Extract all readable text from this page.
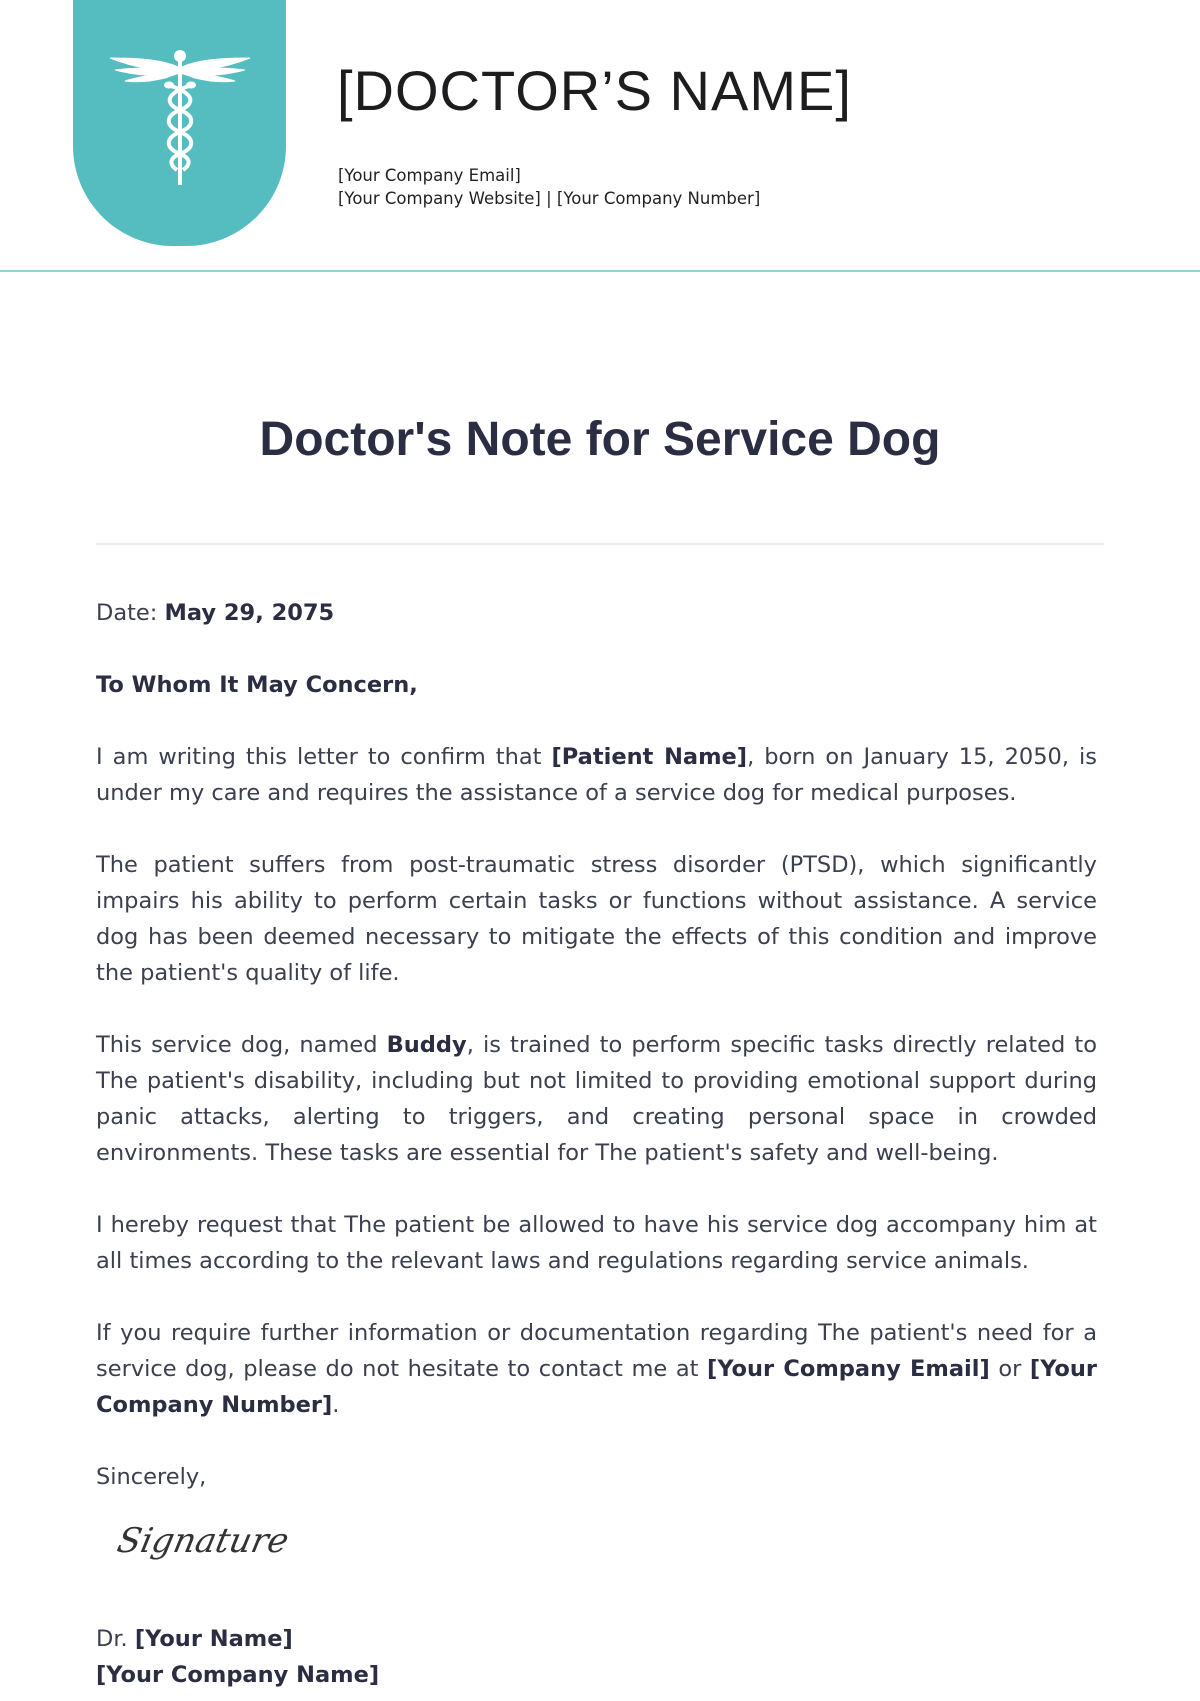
[DOCTOR’S NAME]
[Your Company Email]
[Your Company Website] | [Your Company Number]
Doctor's Note for Service Dog

Date: May 29, 2075

To Whom It May Concern,

I am writing this letter to confirm that [Patient Name], born on January 15, 2050, is under my care and requires the assistance of a service dog for medical purposes.

The patient suffers from post-traumatic stress disorder (PTSD), which significantly impairs his ability to perform certain tasks or functions without assistance. A service dog has been deemed necessary to mitigate the effects of this condition and improve the patient's quality of life.

This service dog, named Buddy, is trained to perform specific tasks directly related to The patient's disability, including but not limited to providing emotional support during panic attacks, alerting to triggers, and creating personal space in crowded environments. These tasks are essential for The patient's safety and well-being.

I hereby request that The patient be allowed to have his service dog accompany him at all times according to the relevant laws and regulations regarding service animals.

If you require further information or documentation regarding The patient's need for a service dog, please do not hesitate to contact me at [Your Company Email] or [Your Company Number].

Sincerely,

Signature

Dr. [Your Name]

[Your Company Name]
